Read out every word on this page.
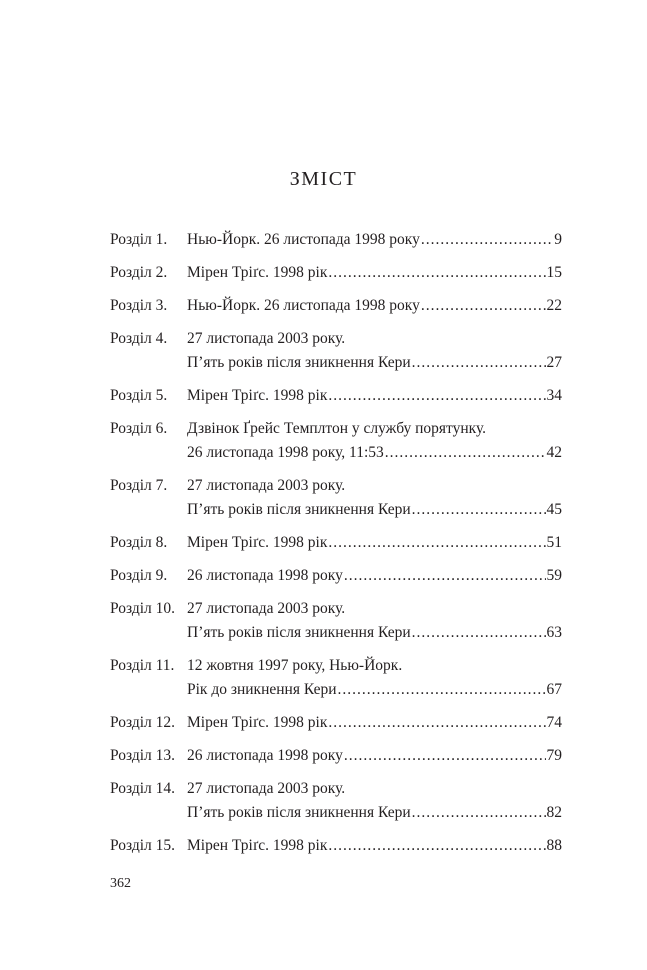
ЗМІСТ
Розділ 1.	Нью-Йорк. 26 листопада 1998 року .....	9
Розділ 2.	Мірен Тріґс. 1998 рік .....	15
Розділ 3.	Нью-Йорк. 26 листопада 1998 року .....	22
Розділ 4.	27 листопада 2003 року.
П’ять років після зникнення Кери .....	27
Розділ 5.	Мірен Тріґс. 1998 рік .....	34
Розділ 6.	Дзвінок Ґрейс Темплтон у службу порятунку.
26 листопада 1998 року, 11:53 .....	42
Розділ 7.	27 листопада 2003 року.
П’ять років після зникнення Кери .....	45
Розділ 8.	Мірен Тріґс. 1998 рік .....	51
Розділ 9.	26 листопада 1998 року .....	59
Розділ 10. 27 листопада 2003 року.
П’ять років після зникнення Кери .....	63
Розділ 11. 12 жовтня 1997 року, Нью-Йорк.
Рік до зникнення Кери .....	67
Розділ 12. Мірен Тріґс. 1998 рік .....	74
Розділ 13. 26 листопада 1998 року .....	79
Розділ 14. 27 листопада 2003 року.
П’ять років після зникнення Кери .....	82
Розділ 15. Мірен Тріґс. 1998 рік .....	88
362
